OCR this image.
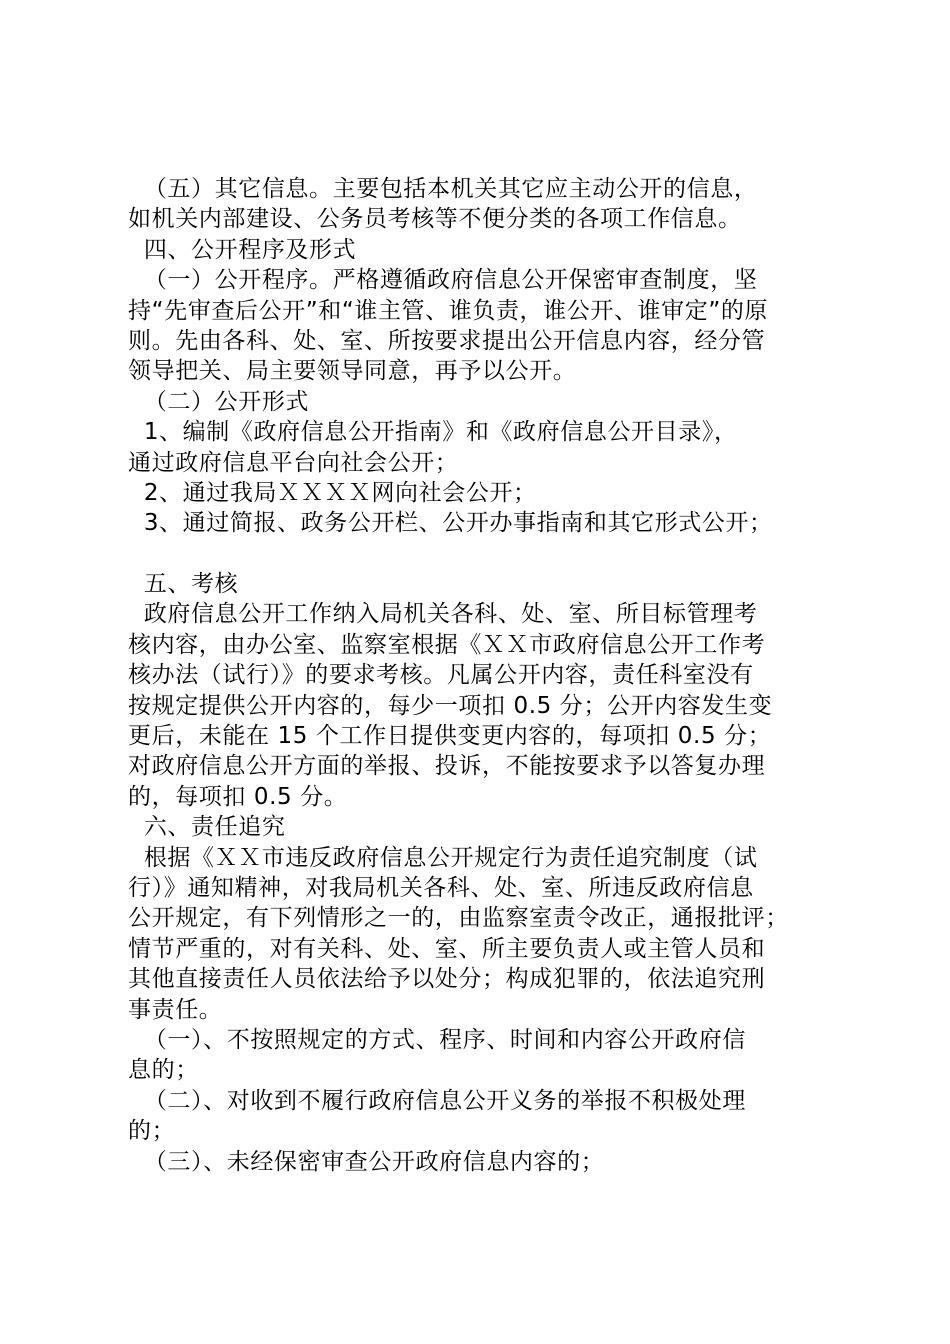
（五）其它信息。主要包括本机关其它应主动公开的信息，
如机关内部建设、公务员考核等不便分类的各项工作信息。
四、公开程序及形式
（一）公开程序。严格遵循政府信息公开保密审查制度，坚
持“先审查后公开”和“谁主管、谁负责，谁公开、谁审定”的原
则。先由各科、处、室、所按要求提出公开信息内容，经分管
领导把关、局主要领导同意，再予以公开。
（二）公开形式
1、编制《政府信息公开指南》和《政府信息公开目录》，
通过政府信息平台向社会公开；
2、通过我局ＸＸＸＸ网向社会公开；
3、通过简报、政务公开栏、公开办事指南和其它形式公开；
五、考核
政府信息公开工作纳入局机关各科、处、室、所目标管理考
核内容，由办公室、监察室根据《ＸＸ市政府信息公开工作考
核办法（试行）》的要求考核。凡属公开内容，责任科室没有
按规定提供公开内容的，每少一项扣 0.5 分；公开内容发生变
更后，未能在 15 个工作日提供变更内容的，每项扣 0.5 分；
对政府信息公开方面的举报、投诉，不能按要求予以答复办理
的，每项扣 0.5 分。
六、责任追究
根据《ＸＸ市违反政府信息公开规定行为责任追究制度（试
行）》通知精神，对我局机关各科、处、室、所违反政府信息
公开规定，有下列情形之一的，由监察室责令改正，通报批评；
情节严重的，对有关科、处、室、所主要负责人或主管人员和
其他直接责任人员依法给予以处分；构成犯罪的，依法追究刑
事责任。
（一）、不按照规定的方式、程序、时间和内容公开政府信
息的；
（二）、对收到不履行政府信息公开义务的举报不积极处理
的；
（三）、未经保密审查公开政府信息内容的；
